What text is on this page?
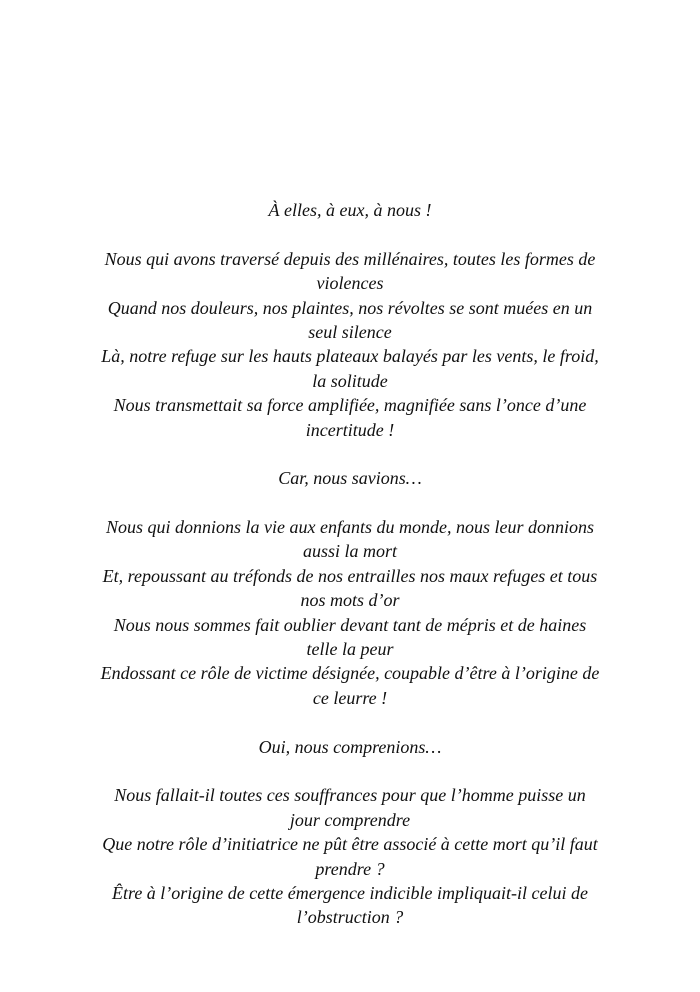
À elles, à eux, à nous !
Nous qui avons traversé depuis des millénaires, toutes les formes de
violences
Quand nos douleurs, nos plaintes, nos révoltes se sont muées en un
seul silence
Là, notre refuge sur les hauts plateaux balayés par les vents, le froid,
la solitude
Nous transmettait sa force amplifiée, magnifiée sans l’once d’une
incertitude !
Car, nous savions…
Nous qui donnions la vie aux enfants du monde, nous leur donnions
aussi la mort
Et, repoussant au tréfonds de nos entrailles nos maux refuges et tous
nos mots d’or
Nous nous sommes fait oublier devant tant de mépris et de haines
telle la peur
Endossant ce rôle de victime désignée, coupable d’être à l’origine de
ce leurre !
Oui, nous comprenions…
Nous fallait-il toutes ces souffrances pour que l’homme puisse un
jour comprendre
Que notre rôle d’initiatrice ne pût être associé à cette mort qu’il faut
prendre ?
Être à l’origine de cette émergence indicible impliquait-il celui de
l’obstruction ?
